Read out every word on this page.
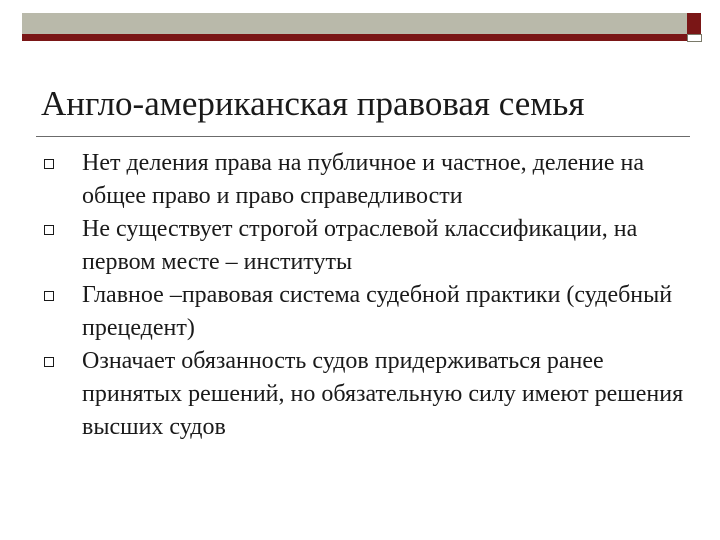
Англо-американская правовая семья
Нет деления права на публичное и частное, деление на общее право и право справедливости
Не существует строгой отраслевой классификации, на первом месте – институты
Главное –правовая система судебной практики (судебный прецедент)
Означает обязанность судов придерживаться ранее принятых решений, но обязательную силу имеют решения высших судов
